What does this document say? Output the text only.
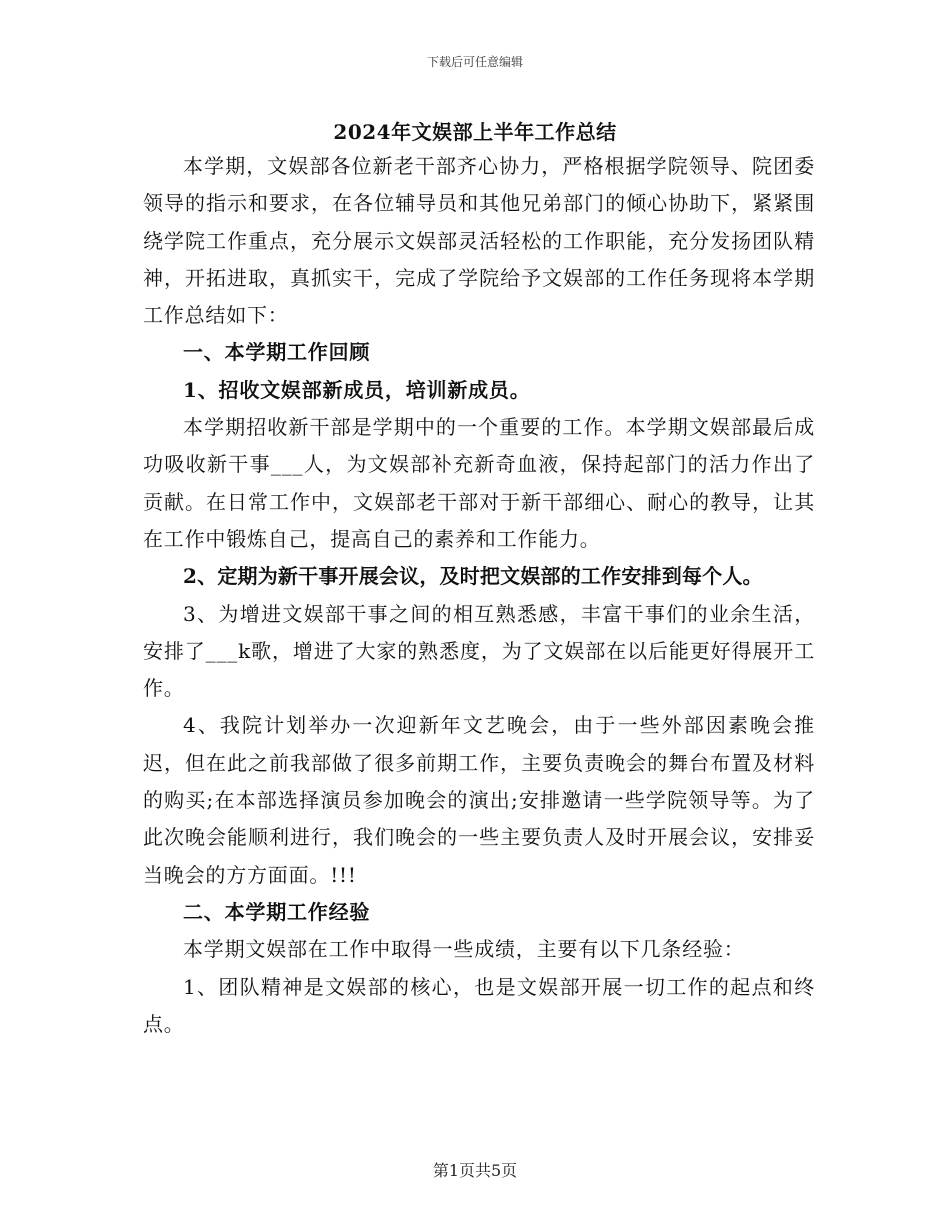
下载后可任意编辑
2024年文娱部上半年工作总结

本学期，文娱部各位新老干部齐心协力，严格根据学院领导、院团委领导的指示和要求，在各位辅导员和其他兄弟部门的倾心协助下，紧紧围绕学院工作重点，充分展示文娱部灵活轻松的工作职能，充分发扬团队精神，开拓进取，真抓实干，完成了学院给予文娱部的工作任务现将本学期工作总结如下：

一、本学期工作回顾

1、招收文娱部新成员，培训新成员。

本学期招收新干部是学期中的一个重要的工作。本学期文娱部最后成功吸收新干事___人，为文娱部补充新奇血液，保持起部门的活力作出了贡献。在日常工作中，文娱部老干部对于新干部细心、耐心的教导，让其在工作中锻炼自己，提高自己的素养和工作能力。

2、定期为新干事开展会议，及时把文娱部的工作安排到每个人。

3、为增进文娱部干事之间的相互熟悉感，丰富干事们的业余生活，安排了___k歌，增进了大家的熟悉度，为了文娱部在以后能更好得展开工作。

4、我院计划举办一次迎新年文艺晚会，由于一些外部因素晚会推迟，但在此之前我部做了很多前期工作，主要负责晚会的舞台布置及材料的购买;在本部选择演员参加晚会的演出;安排邀请一些学院领导等。为了此次晚会能顺利进行，我们晚会的一些主要负责人及时开展会议，安排妥当晚会的方方面面。!!!

二、本学期工作经验

本学期文娱部在工作中取得一些成绩，主要有以下几条经验：

1、团队精神是文娱部的核心，也是文娱部开展一切工作的起点和终点。

第1页共5页
